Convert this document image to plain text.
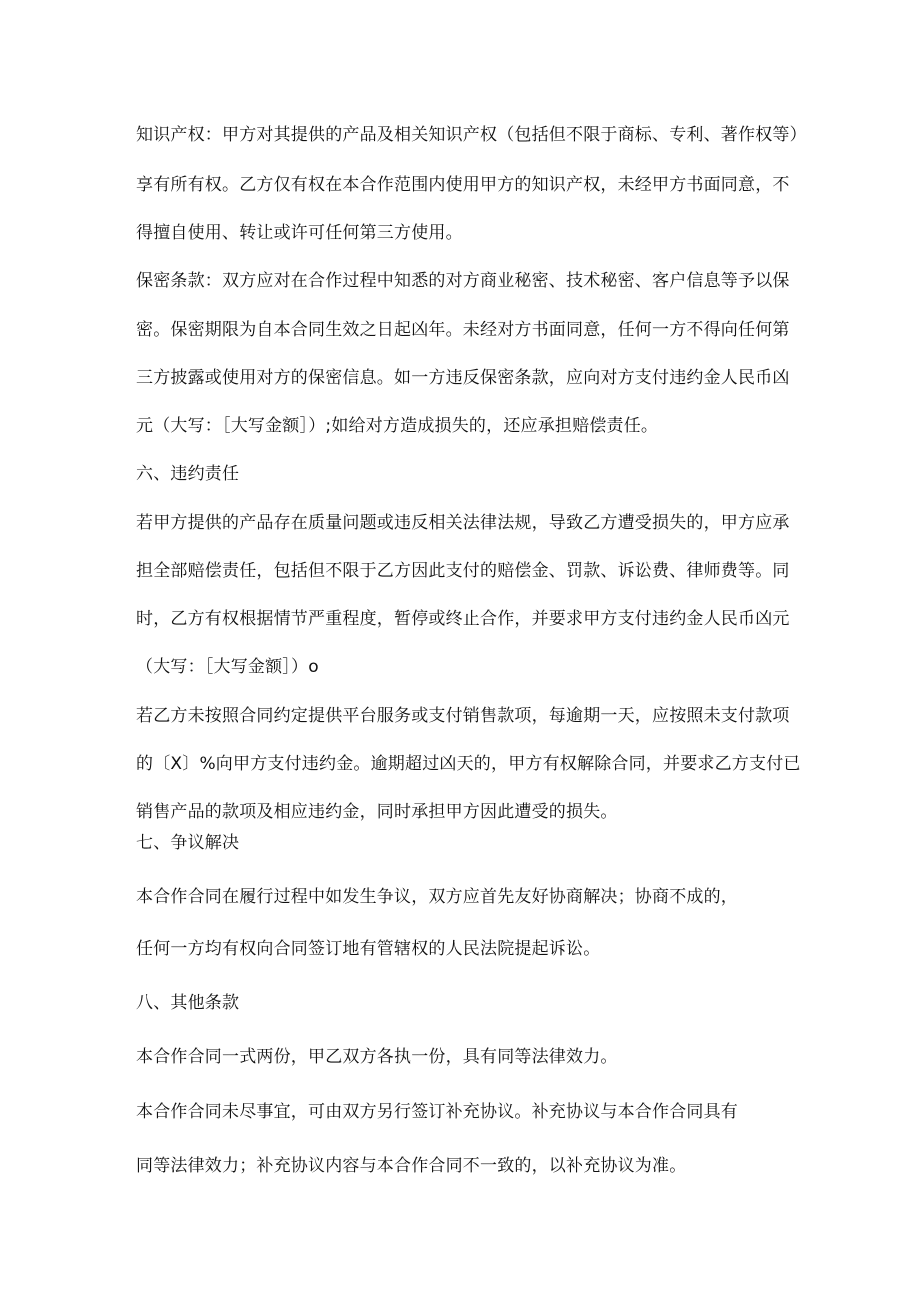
知识产权：甲方对其提供的产品及相关知识产权（包括但不限于商标、专利、著作权等）
享有所有权。乙方仅有权在本合作范围内使用甲方的知识产权，未经甲方书面同意，不
得擅自使用、转让或许可任何第三方使用。
保密条款：双方应对在合作过程中知悉的对方商业秘密、技术秘密、客户信息等予以保
密。保密期限为自本合同生效之日起凶年。未经对方书面同意，任何一方不得向任何第
三方披露或使用对方的保密信息。如一方违反保密条款，应向对方支付违约金人民币凶
元（大写：［大写金额］）;如给对方造成损失的，还应承担赔偿责任。
六、违约责任
若甲方提供的产品存在质量问题或违反相关法律法规，导致乙方遭受损失的，甲方应承
担全部赔偿责任，包括但不限于乙方因此支付的赔偿金、罚款、诉讼费、律师费等。同
时，乙方有权根据情节严重程度，暂停或终止合作，并要求甲方支付违约金人民币凶元
（大写：［大写金额］）o
若乙方未按照合同约定提供平台服务或支付销售款项，每逾期一天，应按照未支付款项
的〔X〕%向甲方支付违约金。逾期超过凶天的，甲方有权解除合同，并要求乙方支付已
销售产品的款项及相应违约金，同时承担甲方因此遭受的损失。
七、争议解决
本合作合同在履行过程中如发生争议，双方应首先友好协商解决；协商不成的，
任何一方均有权向合同签订地有管辖权的人民法院提起诉讼。
八、其他条款
本合作合同一式两份，甲乙双方各执一份，具有同等法律效力。
本合作合同未尽事宜，可由双方另行签订补充协议。补充协议与本合作合同具有
同等法律效力；补充协议内容与本合作合同不一致的，以补充协议为准。
